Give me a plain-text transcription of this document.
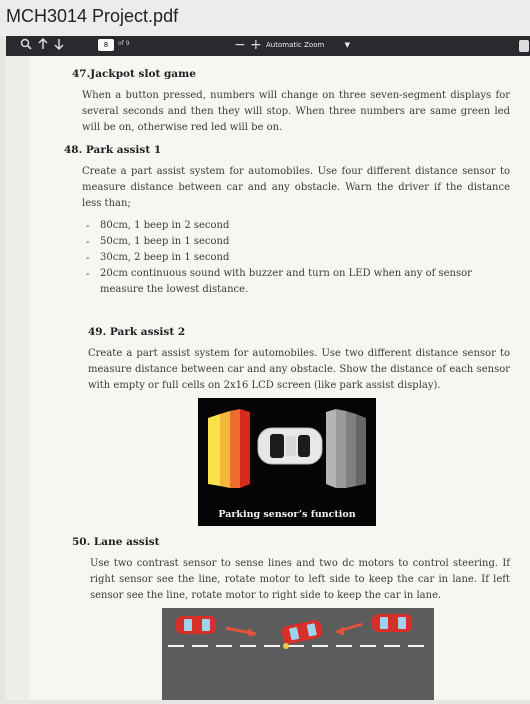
MCH3014 Project.pdf
8	of 9	− + Automatic Zoom	▼
47.Jackpot slot game

When a button pressed, numbers will change on three seven-segment displays for several seconds and then they will stop. When three numbers are same green led will be on, otherwise red led will be on.

48. Park assist 1

Create a part assist system for automobiles. Use four different distance sensor to measure distance between car and any obstacle. Warn the driver if the distance less than;

- 80cm, 1 beep in 2 second
- 50cm, 1 beep in 1 second
- 30cm, 2 beep in 1 second
- 20cm continuous sound with buzzer and turn on LED when any of sensor measure the lowest distance.
49. Park assist 2

Create a part assist system for automobiles. Use two different distance sensor to measure distance between car and any obstacle. Show the distance of each sensor with empty or full cells on 2x16 LCD screen (like park assist display).

Parking sensor’s function
50. Lane assist

Use two contrast sensor to sense lines and two dc motors to control steering. If right sensor see the line, rotate motor to left side to keep the car in lane. If left sensor see the line, rotate motor to right side to keep the car in lane.
